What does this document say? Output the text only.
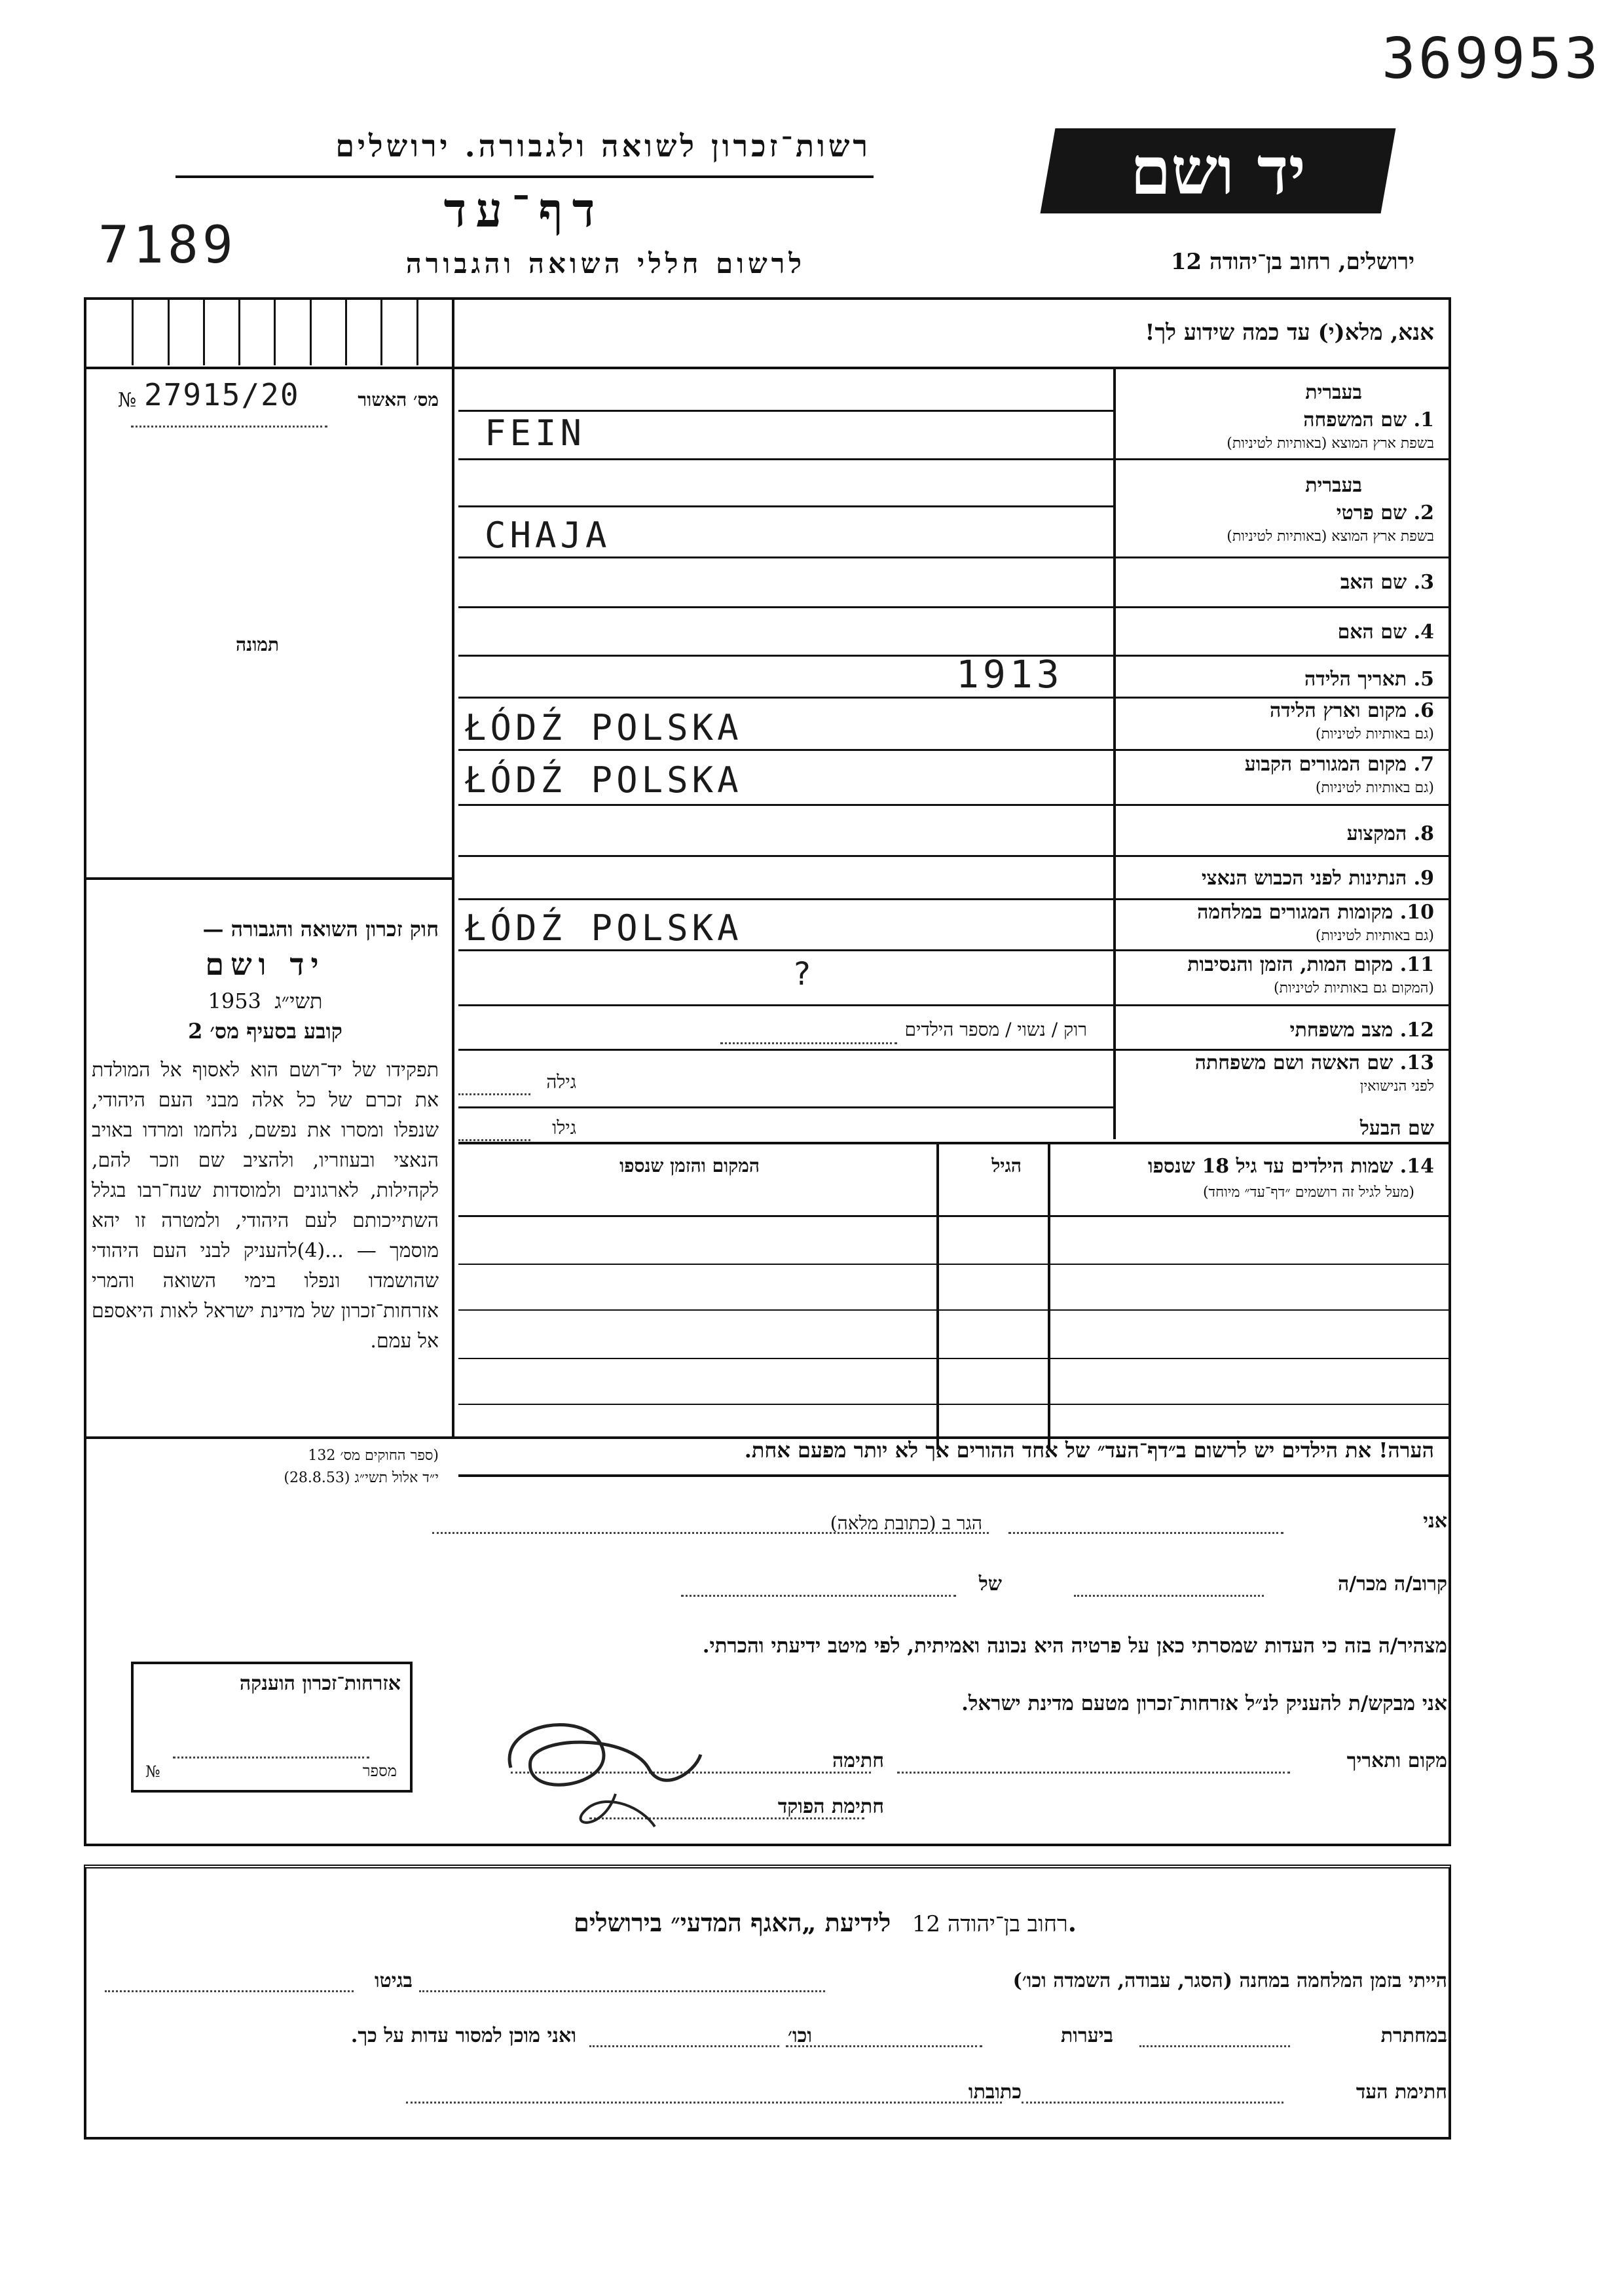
369953
רשות־זכרון לשואה ולגבורה. ירושלים
דף־עד
7189	לרשום חללי השואה והגבורה
יד ושם
ירושלים, רחוב בן־יהודה 12
אנא, מלא(י) עד כמה שידוע לך!
№ 27915/20	מס׳ האשור
תמונה
בעברית
1. שם המשפחה
בשפת ארץ המוצא (באותיות לטיניות)
FEIN
בעברית
2. שם פרטי
בשפת ארץ המוצא (באותיות לטיניות)
CHAJA
3. שם האב
4. שם האם
5. תאריך הלידה
1913
6. מקום וארץ הלידה
(גם באותיות לטיניות)
ŁÓDŹ POLSKA
7. מקום המגורים הקבוע
(גם באותיות לטיניות)
ŁÓDŹ POLSKA
8. המקצוע
9. הנתינות לפני הכבוש הנאצי
10. מקומות המגורים במלחמה
(גם באותיות לטיניות)
ŁÓDŹ POLSKA
11. מקום המות, הזמן והנסיבות
(המקום גם באותיות לטיניות)
?
12. מצב משפחתי
רוק / נשוי / מספר הילדים
13. שם האשה ושם משפחתה
לפני הנישואין
גילה
שם הבעל
גילו
14. שמות הילדים עד גיל 18 שנספו
(מעל לגיל זה רושמים ״דף־עד״ מיוחד)
הגיל
המקום והזמן שנספו
חוק זכרון השואה והגבורה —
יד ושם
1953 תשי״ג
קובע בסעיף מס׳ 2
תפקידו של יד־ושם הוא לאסוף אל המולדת את זכרם של כל אלה מבני העם היהודי, שנפלו ומסרו את נפשם, נלחמו ומרדו באויב הנאצי ובעוזריו, ולהציב שם וזכר להם, לקהילות, לארגונים ולמוסדות שנח־רבו בגלל השתייכותם לעם היהודי, ולמטרה זו יהא מוסמך — ...(4)להעניק לבני העם היהודי שהושמדו ונפלו בימי השואה והמרי אזרחות־זכרון של מדינת ישראל לאות היאספם אל עמם.
(ספר החוקים מס׳ 132
י״ד אלול תשי״ג (28.8.53)
הערה! את הילדים יש לרשום ב״דף־העד״ של אחד ההורים אך לא יותר מפעם אחת.
אני
הגר ב (כתובת מלאה)
קרוב/ה מכר/ה
של
מצהיר/ה בזה כי העדות שמסרתי כאן על פרטיה היא נכונה ואמיתית, לפי מיטב ידיעתי והכרתי.
אני מבקש/ת להעניק לנ״ל אזרחות־זכרון מטעם מדינת ישראל.
מקום ותאריך
חתימה
חתימת הפוקד
אזרחות־זכרון הוענקה
№	מספר
רחוב בן־יהודה 12   לידיעת „האגף המדעי״ בירושלים.
הייתי בזמן המלחמה במחנה (הסגר, עבודה, השמדה וכו׳)
בגיטו
במחתרת
ביערות
וכו׳
ואני מוכן למסור עדות על כך.
חתימת העד
כתובתו
